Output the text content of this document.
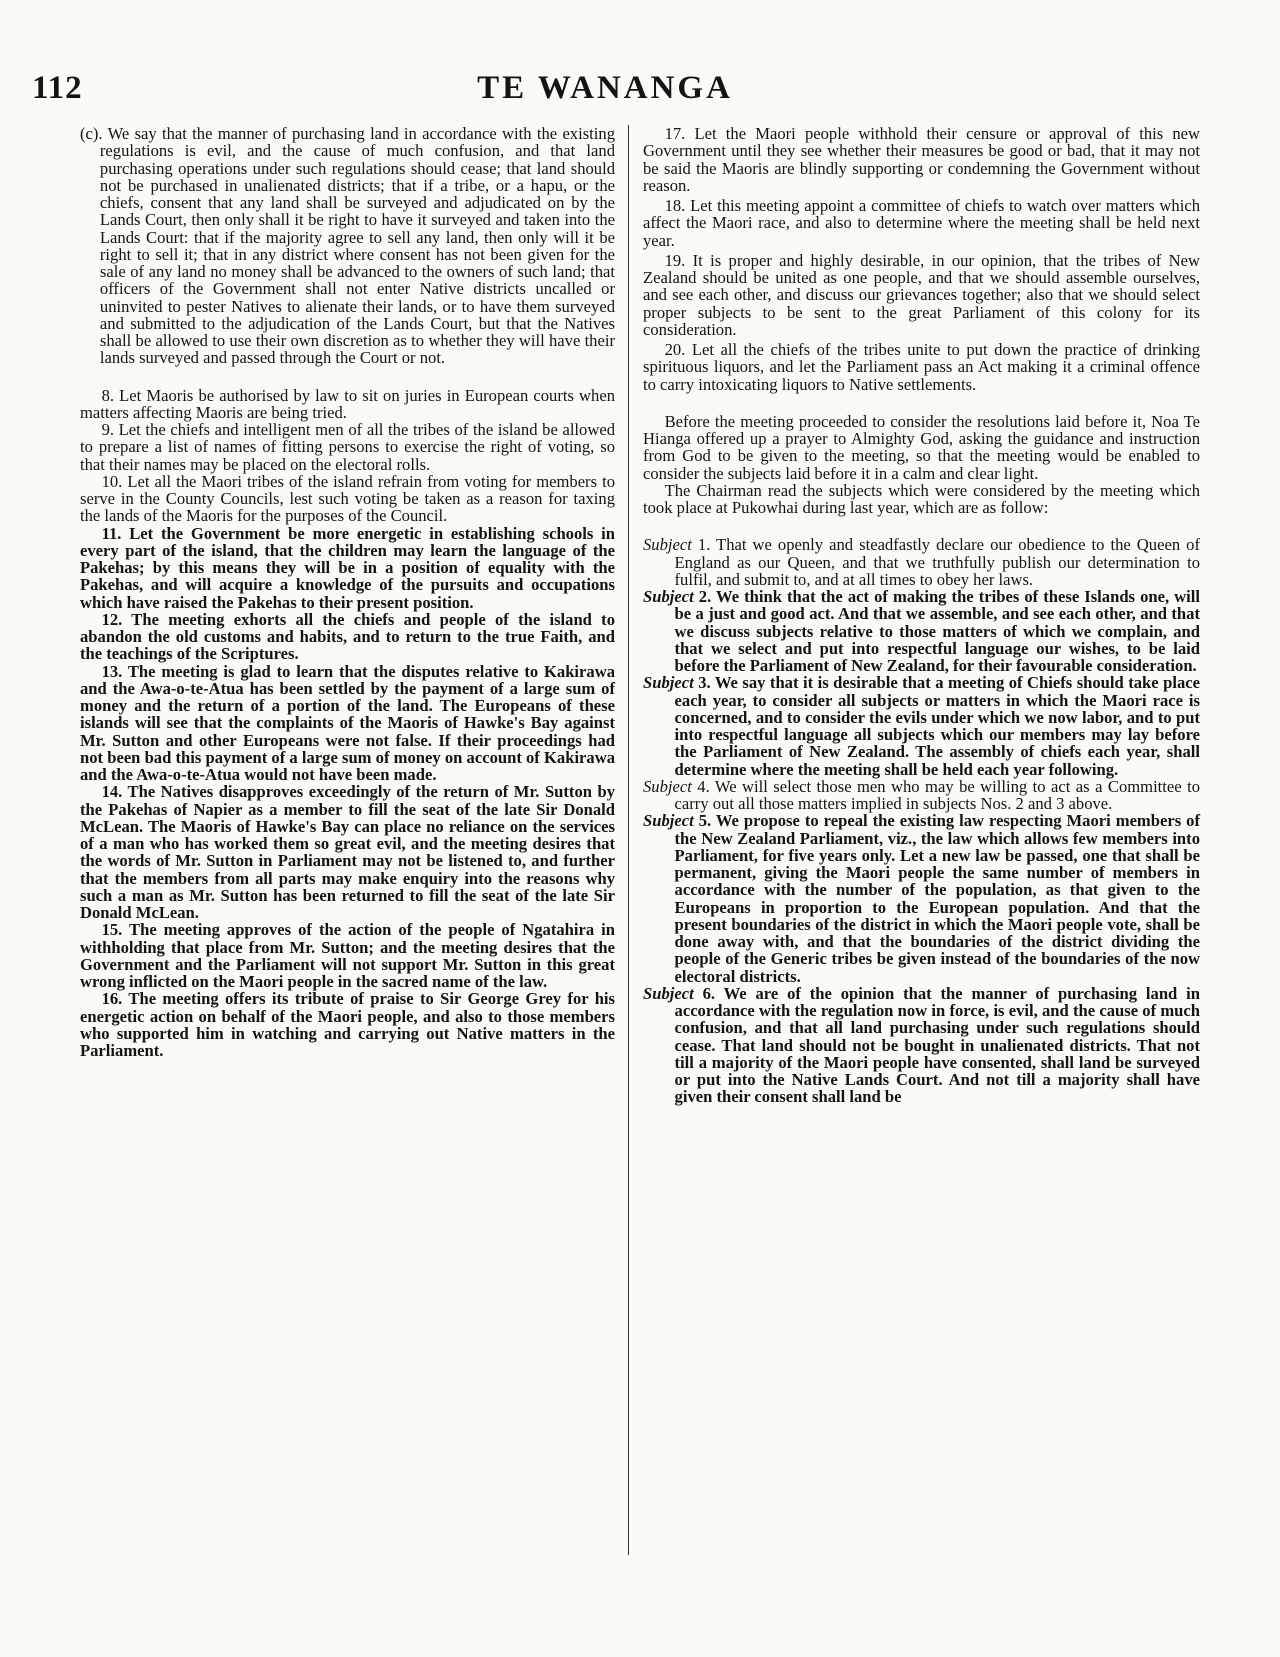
112	TE WANANGA

(c). We say that the manner of purchasing land in accordance with the existing regulations is evil, and the cause of much confusion, and that land purchasing operations under such regulations should cease; that land should not be purchased in unalienated districts; that if a tribe, or a hapu, or the chiefs, consent that any land shall be surveyed and adjudicated on by the Lands Court, then only shall it be right to have it surveyed and taken into the Lands Court: that if the majority agree to sell any land, then only will it be right to sell it; that in any district where consent has not been given for the sale of any land no money shall be advanced to the owners of such land; that officers of the Government shall not enter Native districts uncalled or uninvited to pester Natives to alienate their lands, or to have them surveyed and submitted to the adjudication of the Lands Court, but that the Natives shall be allowed to use their own discretion as to whether they will have their lands surveyed and passed through the Court or not.

8. Let Maoris be authorised by law to sit on juries in European courts when matters affecting Maoris are being tried.

9. Let the chiefs and intelligent men of all the tribes of the island be allowed to prepare a list of names of fitting persons to exercise the right of voting, so that their names may be placed on the electoral rolls.

10. Let all the Maori tribes of the island refrain from voting for members to serve in the County Councils, lest such voting be taken as a reason for taxing the lands of the Maoris for the purposes of the Council.

11. Let the Government be more energetic in establishing schools in every part of the island, that the children may learn the language of the Pakehas; by this means they will be in a position of equality with the Pakehas, and will acquire a knowledge of the pursuits and occupations which have raised the Pakehas to their present position.

12. The meeting exhorts all the chiefs and people of the island to abandon the old customs and habits, and to return to the true Faith, and the teachings of the Scriptures.

13. The meeting is glad to learn that the disputes relative to Kakirawa and the Awa-o-te-Atua has been settled by the payment of a large sum of money and the return of a portion of the land. The Europeans of these islands will see that the complaints of the Maoris of Hawke's Bay against Mr. Sutton and other Europeans were not false. If their proceedings had not been bad this payment of a large sum of money on account of Kakirawa and the Awa-o-te-Atua would not have been made.

14. The Natives disapproves exceedingly of the return of Mr. Sutton by the Pakehas of Napier as a member to fill the seat of the late Sir Donald McLean. The Maoris of Hawke's Bay can place no reliance on the services of a man who has worked them so great evil, and the meeting desires that the words of Mr. Sutton in Parliament may not be listened to, and further that the members from all parts may make enquiry into the reasons why such a man as Mr. Sutton has been returned to fill the seat of the late Sir Donald McLean.

15. The meeting approves of the action of the people of Ngatahira in withholding that place from Mr. Sutton; and the meeting desires that the Government and the Parliament will not support Mr. Sutton in this great wrong inflicted on the Maori people in the sacred name of the law.

16. The meeting offers its tribute of praise to Sir George Grey for his energetic action on behalf of the Maori people, and also to those members who supported him in watching and carrying out Native matters in the Parliament.

17. Let the Maori people withhold their censure or approval of this new Government until they see whether their measures be good or bad, that it may not be said the Maoris are blindly supporting or condemning the Government without reason.

18. Let this meeting appoint a committee of chiefs to watch over matters which affect the Maori race, and also to determine where the meeting shall be held next year.

19. It is proper and highly desirable, in our opinion, that the tribes of New Zealand should be united as one people, and that we should assemble ourselves, and see each other, and discuss our grievances together; also that we should select proper subjects to be sent to the great Parliament of this colony for its consideration.

20. Let all the chiefs of the tribes unite to put down the practice of drinking spirituous liquors, and let the Parliament pass an Act making it a criminal offence to carry intoxicating liquors to Native settlements.

Before the meeting proceeded to consider the resolutions laid before it, Noa Te Hianga offered up a prayer to Almighty God, asking the guidance and instruction from God to be given to the meeting, so that the meeting would be enabled to consider the subjects laid before it in a calm and clear light.

The Chairman read the subjects which were considered by the meeting which took place at Pukowhai during last year, which are as follow:

Subject 1. That we openly and steadfastly declare our obedience to the Queen of England as our Queen, and that we truthfully publish our determination to fulfil, and submit to, and at all times to obey her laws.

Subject 2. We think that the act of making the tribes of these Islands one, will be a just and good act. And that we assemble, and see each other, and that we discuss subjects relative to those matters of which we complain, and that we select and put into respectful language our wishes, to be laid before the Parliament of New Zealand, for their favourable consideration.

Subject 3. We say that it is desirable that a meeting of Chiefs should take place each year, to consider all subjects or matters in which the Maori race is concerned, and to consider the evils under which we now labor, and to put into respectful language all subjects which our members may lay before the Parliament of New Zealand. The assembly of chiefs each year, shall determine where the meeting shall be held each year following.

Subject 4. We will select those men who may be willing to act as a Committee to carry out all those matters implied in subjects Nos. 2 and 3 above.

Subject 5. We propose to repeal the existing law respecting Maori members of the New Zealand Parliament, viz., the law which allows few members into Parliament, for five years only. Let a new law be passed, one that shall be permanent, giving the Maori people the same number of members in accordance with the number of the population, as that given to the Europeans in proportion to the European population. And that the present boundaries of the district in which the Maori people vote, shall be done away with, and that the boundaries of the district dividing the people of the Generic tribes be given instead of the boundaries of the now electoral districts.

Subject 6. We are of the opinion that the manner of purchasing land in accordance with the regulation now in force, is evil, and the cause of much confusion, and that all land purchasing under such regulations should cease. That land should not be bought in unalienated districts. That not till a majority of the Maori people have consented, shall land be surveyed or put into the Native Lands Court. And not till a majority shall have given their consent shall land be
